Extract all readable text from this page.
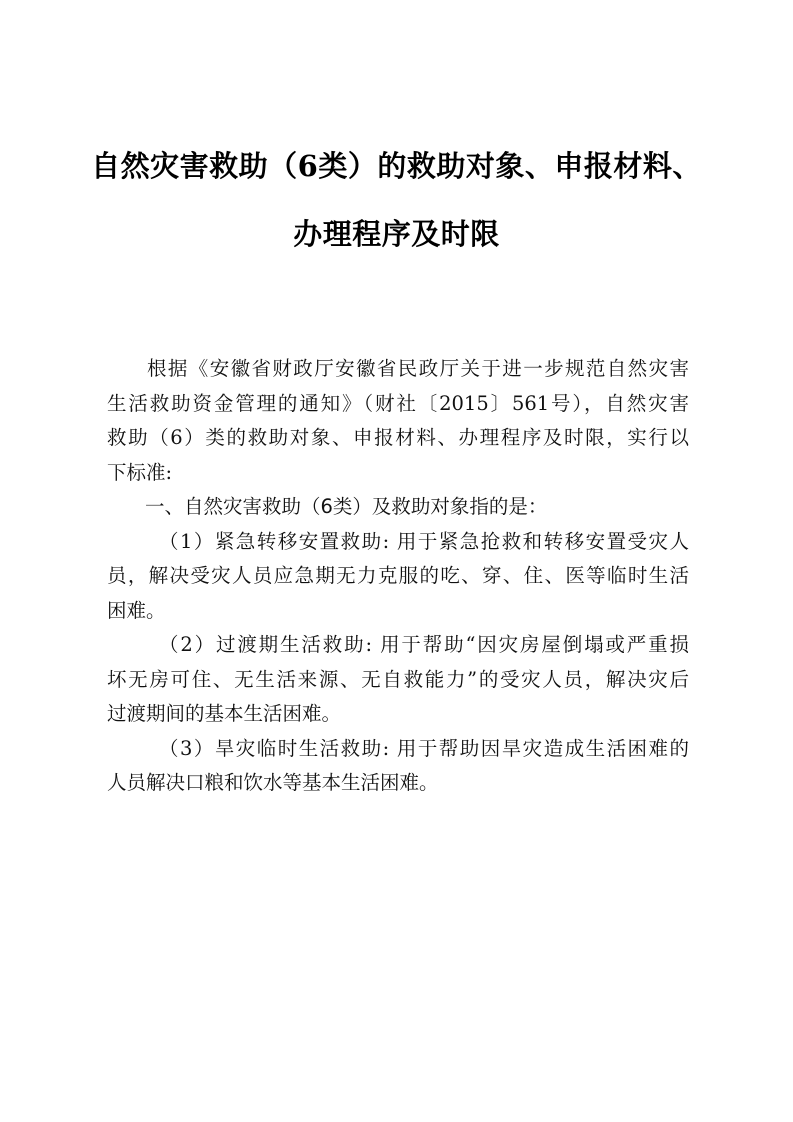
自然灾害救助（6类）的救助对象、申报材料、
办理程序及时限
根据《安徽省财政厅安徽省民政厅关于进一步规范自然灾害
生活救助资金管理的通知》（财社〔2015〕561号），自然灾害
救助（6）类的救助对象、申报材料、办理程序及时限，实行以
下标准:
一、自然灾害救助（6类）及救助对象指的是：
（1）紧急转移安置救助: 用于紧急抢救和转移安置受灾人
员，解决受灾人员应急期无力克服的吃、穿、住、医等临时生活
困难。
（2）过渡期生活救助: 用于帮助“因灾房屋倒塌或严重损
坏无房可住、无生活来源、无自救能力”的受灾人员，解决灾后
过渡期间的基本生活困难。
（3）旱灾临时生活救助: 用于帮助因旱灾造成生活困难的
人员解决口粮和饮水等基本生活困难。
